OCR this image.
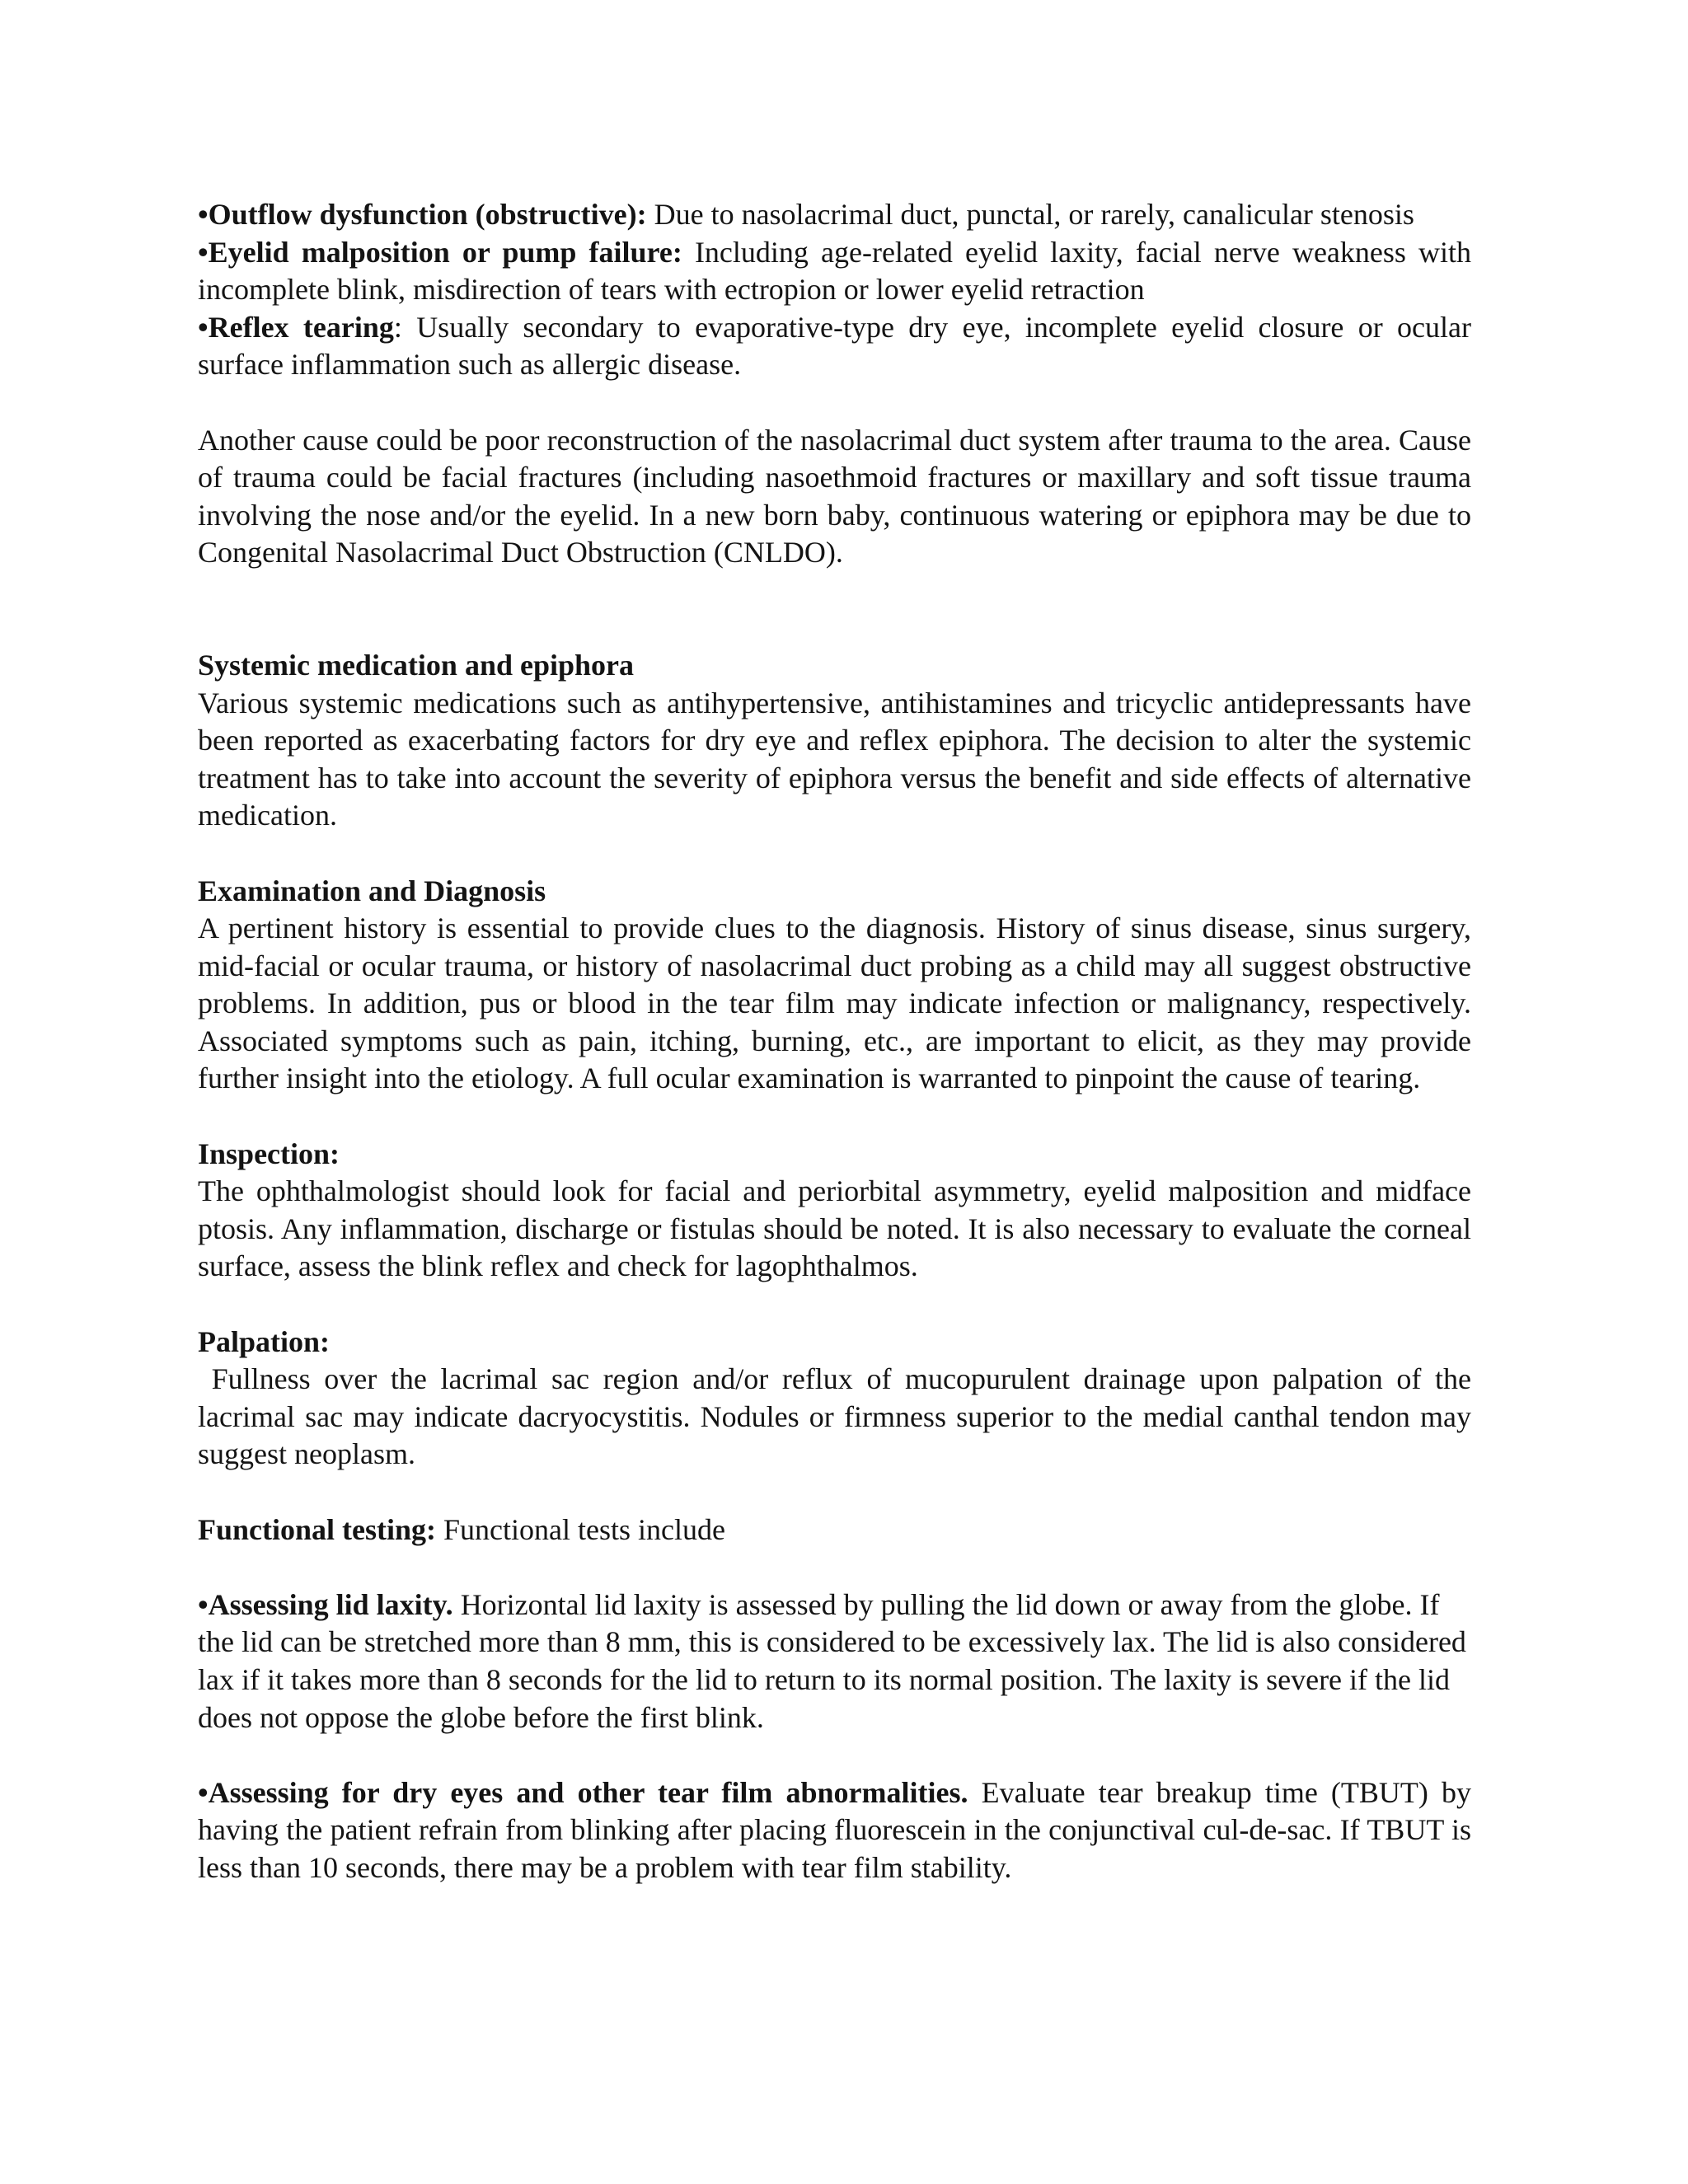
•Outflow dysfunction (obstructive): Due to nasolacrimal duct, punctal, or rarely, canalicular stenosis

•Eyelid malposition or pump failure: Including age-related eyelid laxity, facial nerve weakness with incomplete blink, misdirection of tears with ectropion or lower eyelid retraction

•Reflex tearing: Usually secondary to evaporative-type dry eye, incomplete eyelid closure or ocular surface inflammation such as allergic disease.

Another cause could be poor reconstruction of the nasolacrimal duct system after trauma to the area. Cause of trauma could be facial fractures (including nasoethmoid fractures or maxillary and soft tissue trauma involving the nose and/or the eyelid. In a new born baby, continuous watering or epiphora may be due to Congenital Nasolacrimal Duct Obstruction (CNLDO).

Systemic medication and epiphora

Various systemic medications such as antihypertensive, antihistamines and tricyclic antidepressants have been reported as exacerbating factors for dry eye and reflex epiphora. The decision to alter the systemic treatment has to take into account the severity of epiphora versus the benefit and side effects of alternative medication.

Examination and Diagnosis

A pertinent history is essential to provide clues to the diagnosis. History of sinus disease, sinus surgery, mid-facial or ocular trauma, or history of nasolacrimal duct probing as a child may all suggest obstructive problems. In addition, pus or blood in the tear film may indicate infection or malignancy, respectively. Associated symptoms such as pain, itching, burning, etc., are important to elicit, as they may provide further insight into the etiology. A full ocular examination is warranted to pinpoint the cause of tearing.

Inspection:

The ophthalmologist should look for facial and periorbital asymmetry, eyelid malposition and midface ptosis. Any inflammation, discharge or fistulas should be noted. It is also necessary to evaluate the corneal surface, assess the blink reflex and check for lagophthalmos.

Palpation:

Fullness over the lacrimal sac region and/or reflux of mucopurulent drainage upon palpation of the lacrimal sac may indicate dacryocystitis. Nodules or firmness superior to the medial canthal tendon may suggest neoplasm.

Functional testing: Functional tests include

•Assessing lid laxity. Horizontal lid laxity is assessed by pulling the lid down or away from the globe. If the lid can be stretched more than 8 mm, this is considered to be excessively lax. The lid is also considered lax if it takes more than 8 seconds for the lid to return to its normal position. The laxity is severe if the lid does not oppose the globe before the first blink.

•Assessing for dry eyes and other tear film abnormalities. Evaluate tear breakup time (TBUT) by having the patient refrain from blinking after placing fluorescein in the conjunctival cul-de-sac. If TBUT is less than 10 seconds, there may be a problem with tear film stability.
